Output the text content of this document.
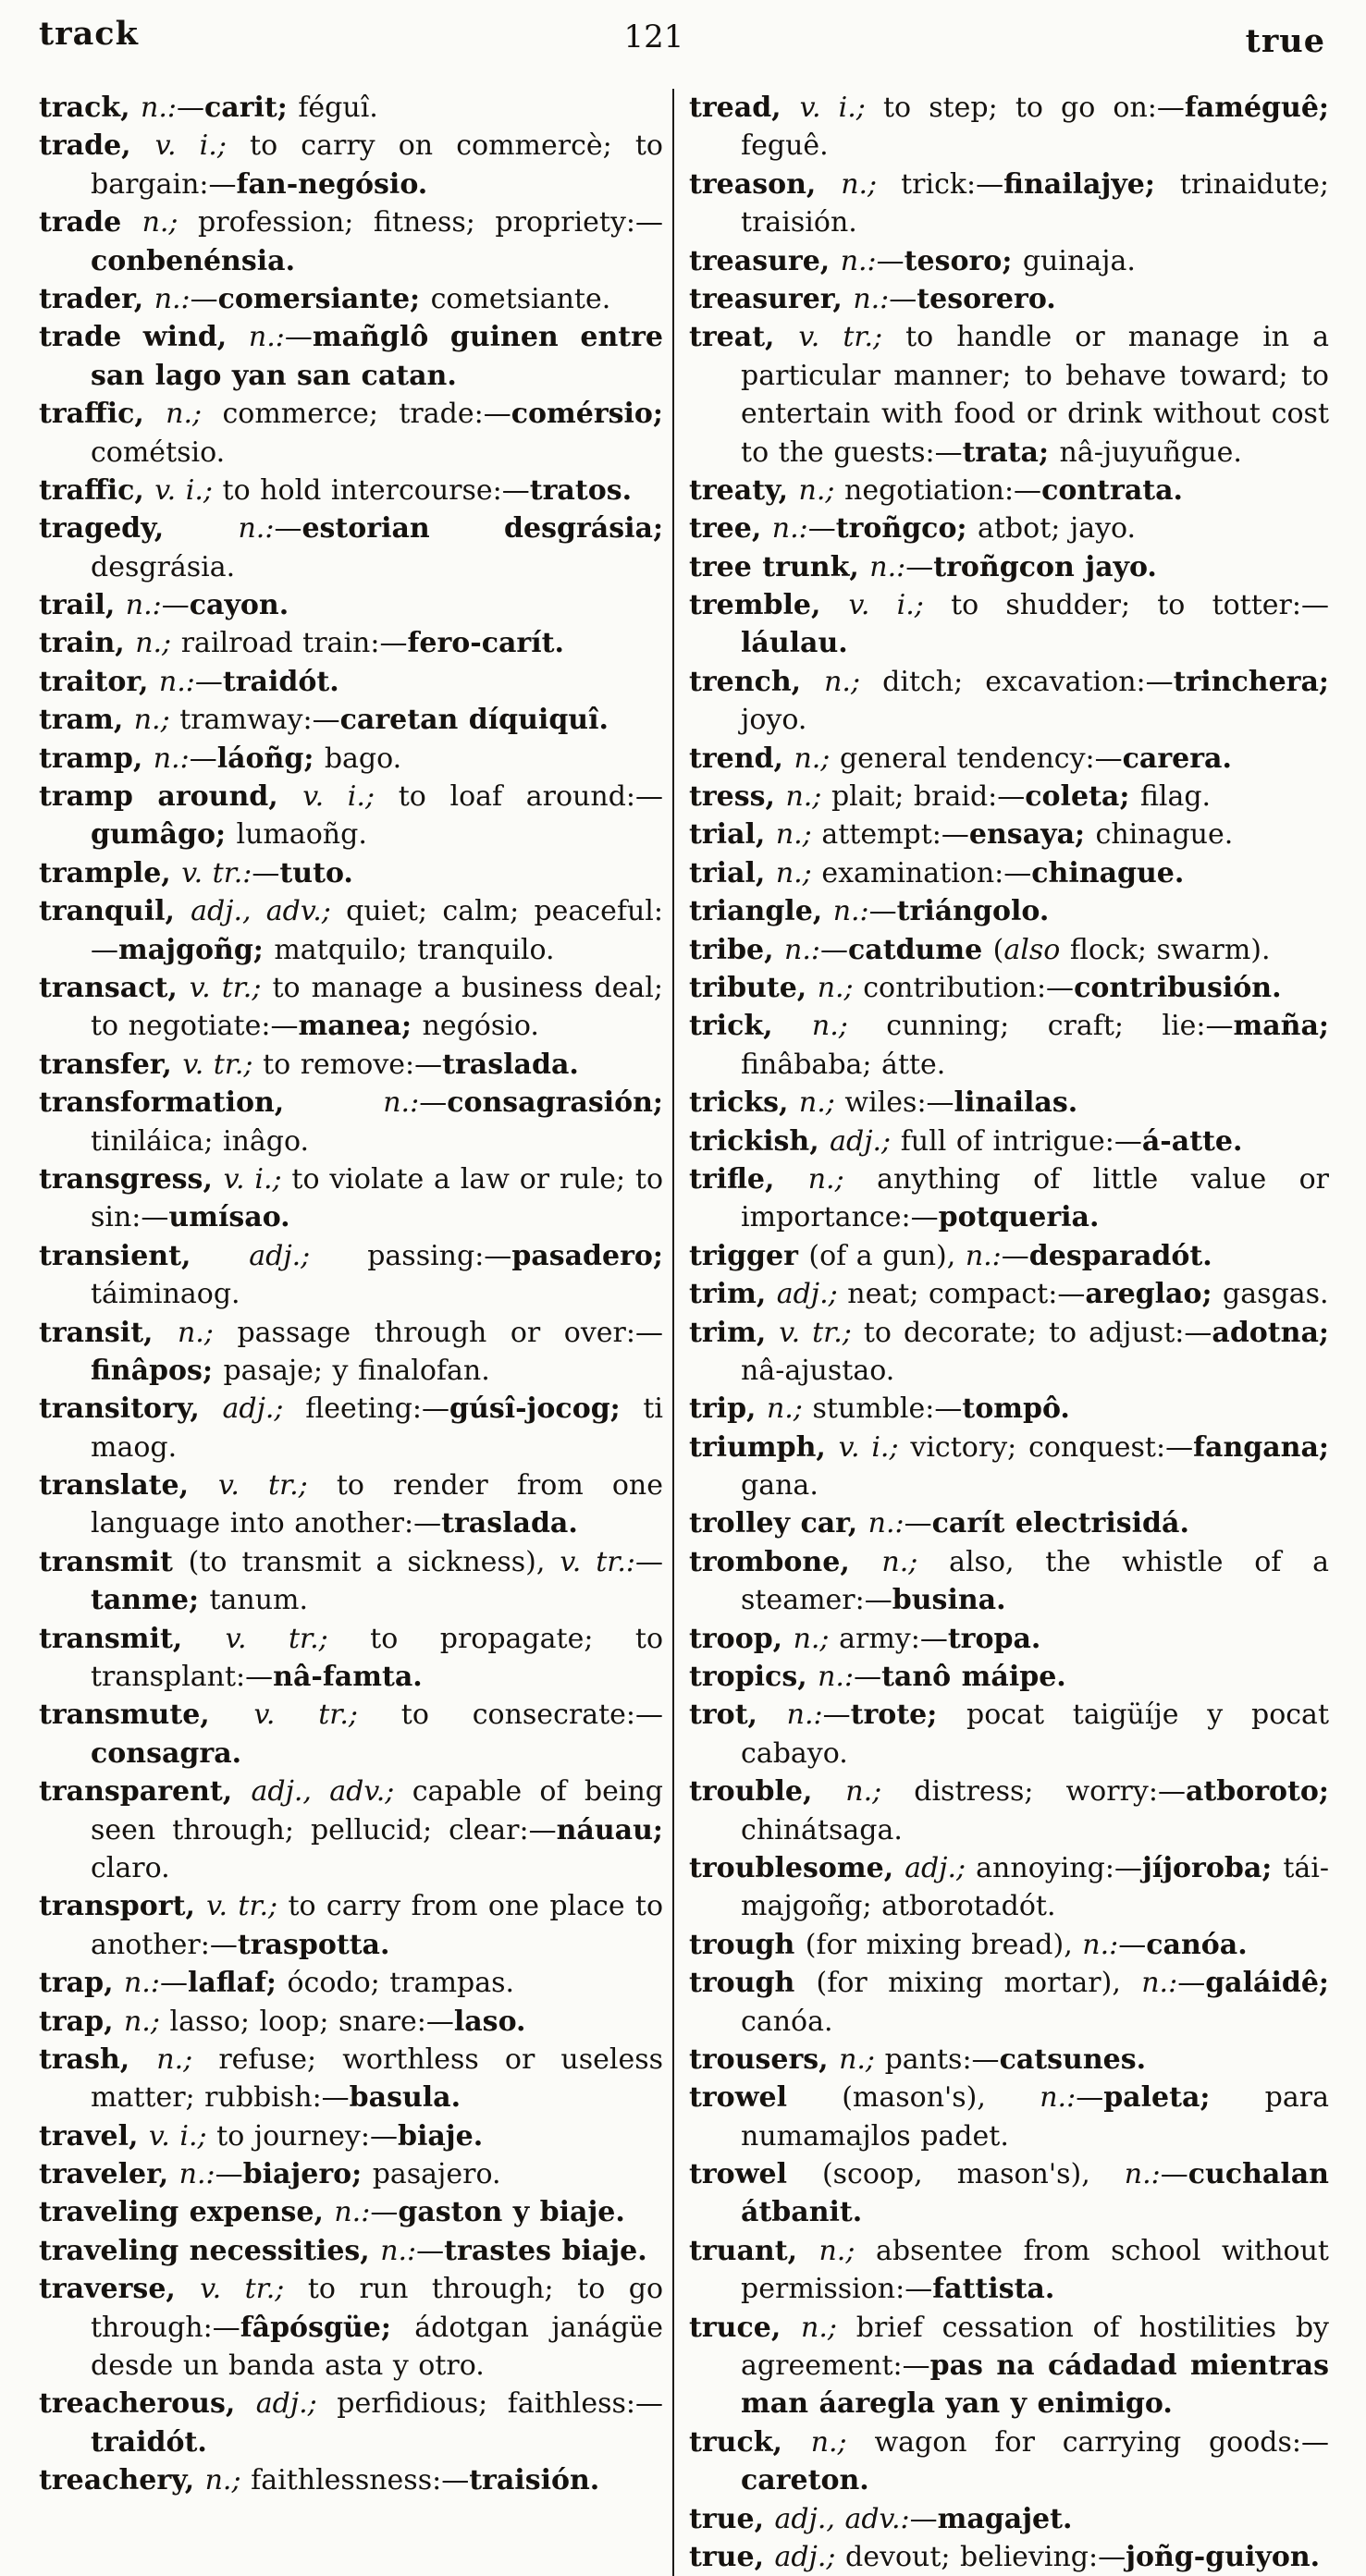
track	121	true

track, n.:—carit; féguî.

trade, v. i.; to carry on commercè; to bargain:—fan-negósio.

trade n.; profession; fitness; propriety:—conbenénsia.

trader, n.:—comersiante; cometsiante.

trade wind, n.:—mañglô guinen entre san lago yan san catan.

traffic, n.; commerce; trade:—comérsio; cométsio.

traffic, v. i.; to hold intercourse:—tratos.

tragedy, n.:—estorian desgrásia; desgrásia.

trail, n.:—cayon.

train, n.; railroad train:—fero-carít.

traitor, n.:—traidót.

tram, n.; tramway:—caretan díquiquî.

tramp, n.:—láoñg; bago.

tramp around, v. i.; to loaf around:—gumâgo; lumaoñg.

trample, v. tr.:—tuto.

tranquil, adj., adv.; quiet; calm; peaceful:—majgoñg; matquilo; tranquilo.

transact, v. tr.; to manage a business deal; to negotiate:—manea; negósio.

transfer, v. tr.; to remove:—traslada.

transformation, n.:—consagrasión; tiniláica; inâgo.

transgress, v. i.; to violate a law or rule; to sin:—umísao.

transient, adj.; passing:—pasadero; táiminaog.

transit, n.; passage through or over:—finâpos; pasaje; y finalofan.

transitory, adj.; fleeting:—gúsî-jocog; ti maog.

translate, v. tr.; to render from one language into another:—traslada.

transmit (to transmit a sickness), v. tr.:—tanme; tanum.

transmit, v. tr.; to propagate; to transplant:—nâ-famta.

transmute, v. tr.; to consecrate:—consagra.

transparent, adj., adv.; capable of being seen through; pellucid; clear:—náuau; claro.

transport, v. tr.; to carry from one place to another:—traspotta.

trap, n.:—laflaf; ócodo; trampas.

trap, n.; lasso; loop; snare:—laso.

trash, n.; refuse; worthless or useless matter; rubbish:—basula.

travel, v. i.; to journey:—biaje.

traveler, n.:—biajero; pasajero.

traveling expense, n.:—gaston y biaje.

traveling necessities, n.:—trastes biaje.

traverse, v. tr.; to run through; to go through:—fâpósgüe; ádotgan janágüe desde un banda asta y otro.

treacherous, adj.; perfidious; faithless:—traidót.

treachery, n.; faithlessness:—traisión.

tread, v. i.; to step; to go on:—faméguê; feguê.

treason, n.; trick:—finailajye; trinaidute; traisión.

treasure, n.:—tesoro; guinaja.

treasurer, n.:—tesorero.

treat, v. tr.; to handle or manage in a particular manner; to behave toward; to entertain with food or drink without cost to the guests:—trata; nâ-juyuñgue.

treaty, n.; negotiation:—contrata.

tree, n.:—troñgco; atbot; jayo.

tree trunk, n.:—troñgcon jayo.

tremble, v. i.; to shudder; to totter:—láulau.

trench, n.; ditch; excavation:—trinchera; joyo.

trend, n.; general tendency:—carera.

tress, n.; plait; braid:—coleta; filag.

trial, n.; attempt:—ensaya; chinague.

trial, n.; examination:—chinague.

triangle, n.:—triángolo.

tribe, n.:—catdume (also flock; swarm).

tribute, n.; contribution:—contribusión.

trick, n.; cunning; craft; lie:—maña; finâbaba; átte.

tricks, n.; wiles:—linailas.

trickish, adj.; full of intrigue:—á-atte.

trifle, n.; anything of little value or importance:—potqueria.

trigger (of a gun), n.:—desparadót.

trim, adj.; neat; compact:—areglao; gasgas.

trim, v. tr.; to decorate; to adjust:—adotna; nâ-ajustao.

trip, n.; stumble:—tompô.

triumph, v. i.; victory; conquest:—fangana; gana.

trolley car, n.:—carít electrisidá.

trombone, n.; also, the whistle of a steamer:—busina.

troop, n.; army:—tropa.

tropics, n.:—tanô máipe.

trot, n.:—trote; pocat taigüíje y pocat cabayo.

trouble, n.; distress; worry:—atboroto; chinátsaga.

troublesome, adj.; annoying:—jíjoroba; tái-majgoñg; atborotadót.

trough (for mixing bread), n.:—canóa.

trough (for mixing mortar), n.:—galáidê; canóa.

trousers, n.; pants:—catsunes.

trowel (mason's), n.:—paleta; para numamajlos padet.

trowel (scoop, mason's), n.:—cuchalan átbanit.

truant, n.; absentee from school without permission:—fattista.

truce, n.; brief cessation of hostilities by agreement:—pas na cádadad mientras man áaregla yan y enimigo.

truck, n.; wagon for carrying goods:—careton.

true, adj., adv.:—magajet.

true, adj.; devout; believing:—joñg-guiyon.
